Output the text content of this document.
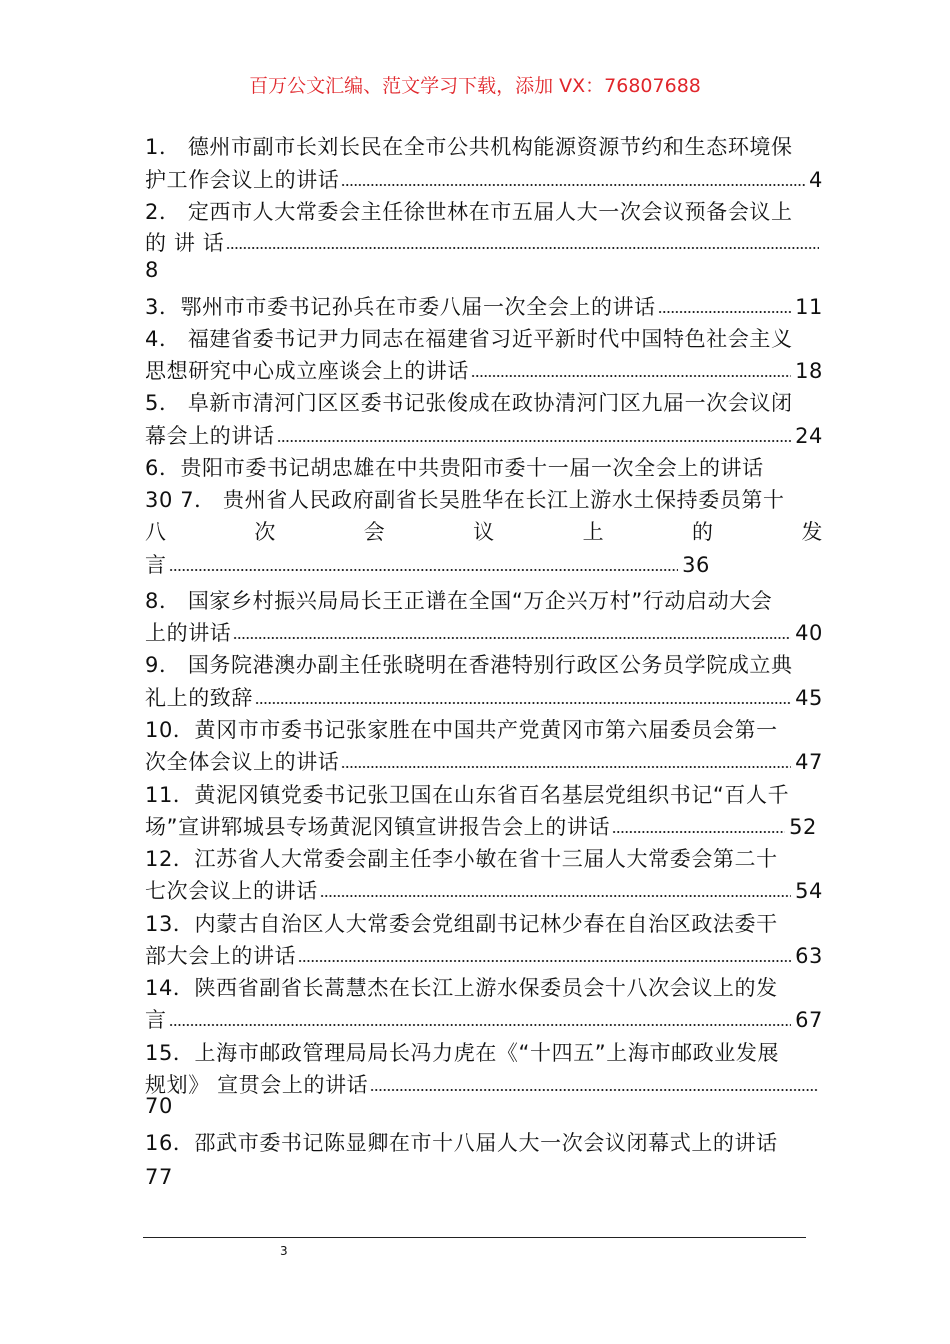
百万公文汇编、范文学习下载，添加 VX：76807688
1． 德州市副市长刘长民在全市公共机构能源资源节约和生态环境保
护工作会议上的讲话	4
2． 定西市人大常委会主任徐世林在市五届人大一次会议预备会议上
的 讲 话
8
3．鄂州市市委书记孙兵在市委八届一次全会上的讲话	11
4． 福建省委书记尹力同志在福建省习近平新时代中国特色社会主义
思想研究中心成立座谈会上的讲话	18
5． 阜新市清河门区区委书记张俊成在政协清河门区九届一次会议闭
幕会上的讲话	24
6．贵阳市委书记胡忠雄在中共贵阳市委十一届一次全会上的讲话
30
7． 贵州省人民政府副省长吴胜华在长江上游水土保持委员第十
八	次	会	议	上	的	发
言	36
8． 国家乡村振兴局局长王正谱在全国“万企兴万村”行动启动大会
上的讲话	40
9． 国务院港澳办副主任张晓明在香港特别行政区公务员学院成立典
礼上的致辞	45
10．黄冈市市委书记张家胜在中国共产党黄冈市第六届委员会第一
次全体会议上的讲话	47
11．黄泥冈镇党委书记张卫国在山东省百名基层党组织书记“百人千
场”宣讲郓城县专场黄泥冈镇宣讲报告会上的讲话	52
12．江苏省人大常委会副主任李小敏在省十三届人大常委会第二十
七次会议上的讲话	54
13．内蒙古自治区人大常委会党组副书记林少春在自治区政法委干
部大会上的讲话	63
14．陕西省副省长蒿慧杰在长江上游水保委员会十八次会议上的发
言	67
15．上海市邮政管理局局长冯力虎在《“十四五”上海市邮政业发展
规划》 宣贯会上的讲话
70
16．邵武市委书记陈显卿在市十八届人大一次会议闭幕式上的讲话
77
3
